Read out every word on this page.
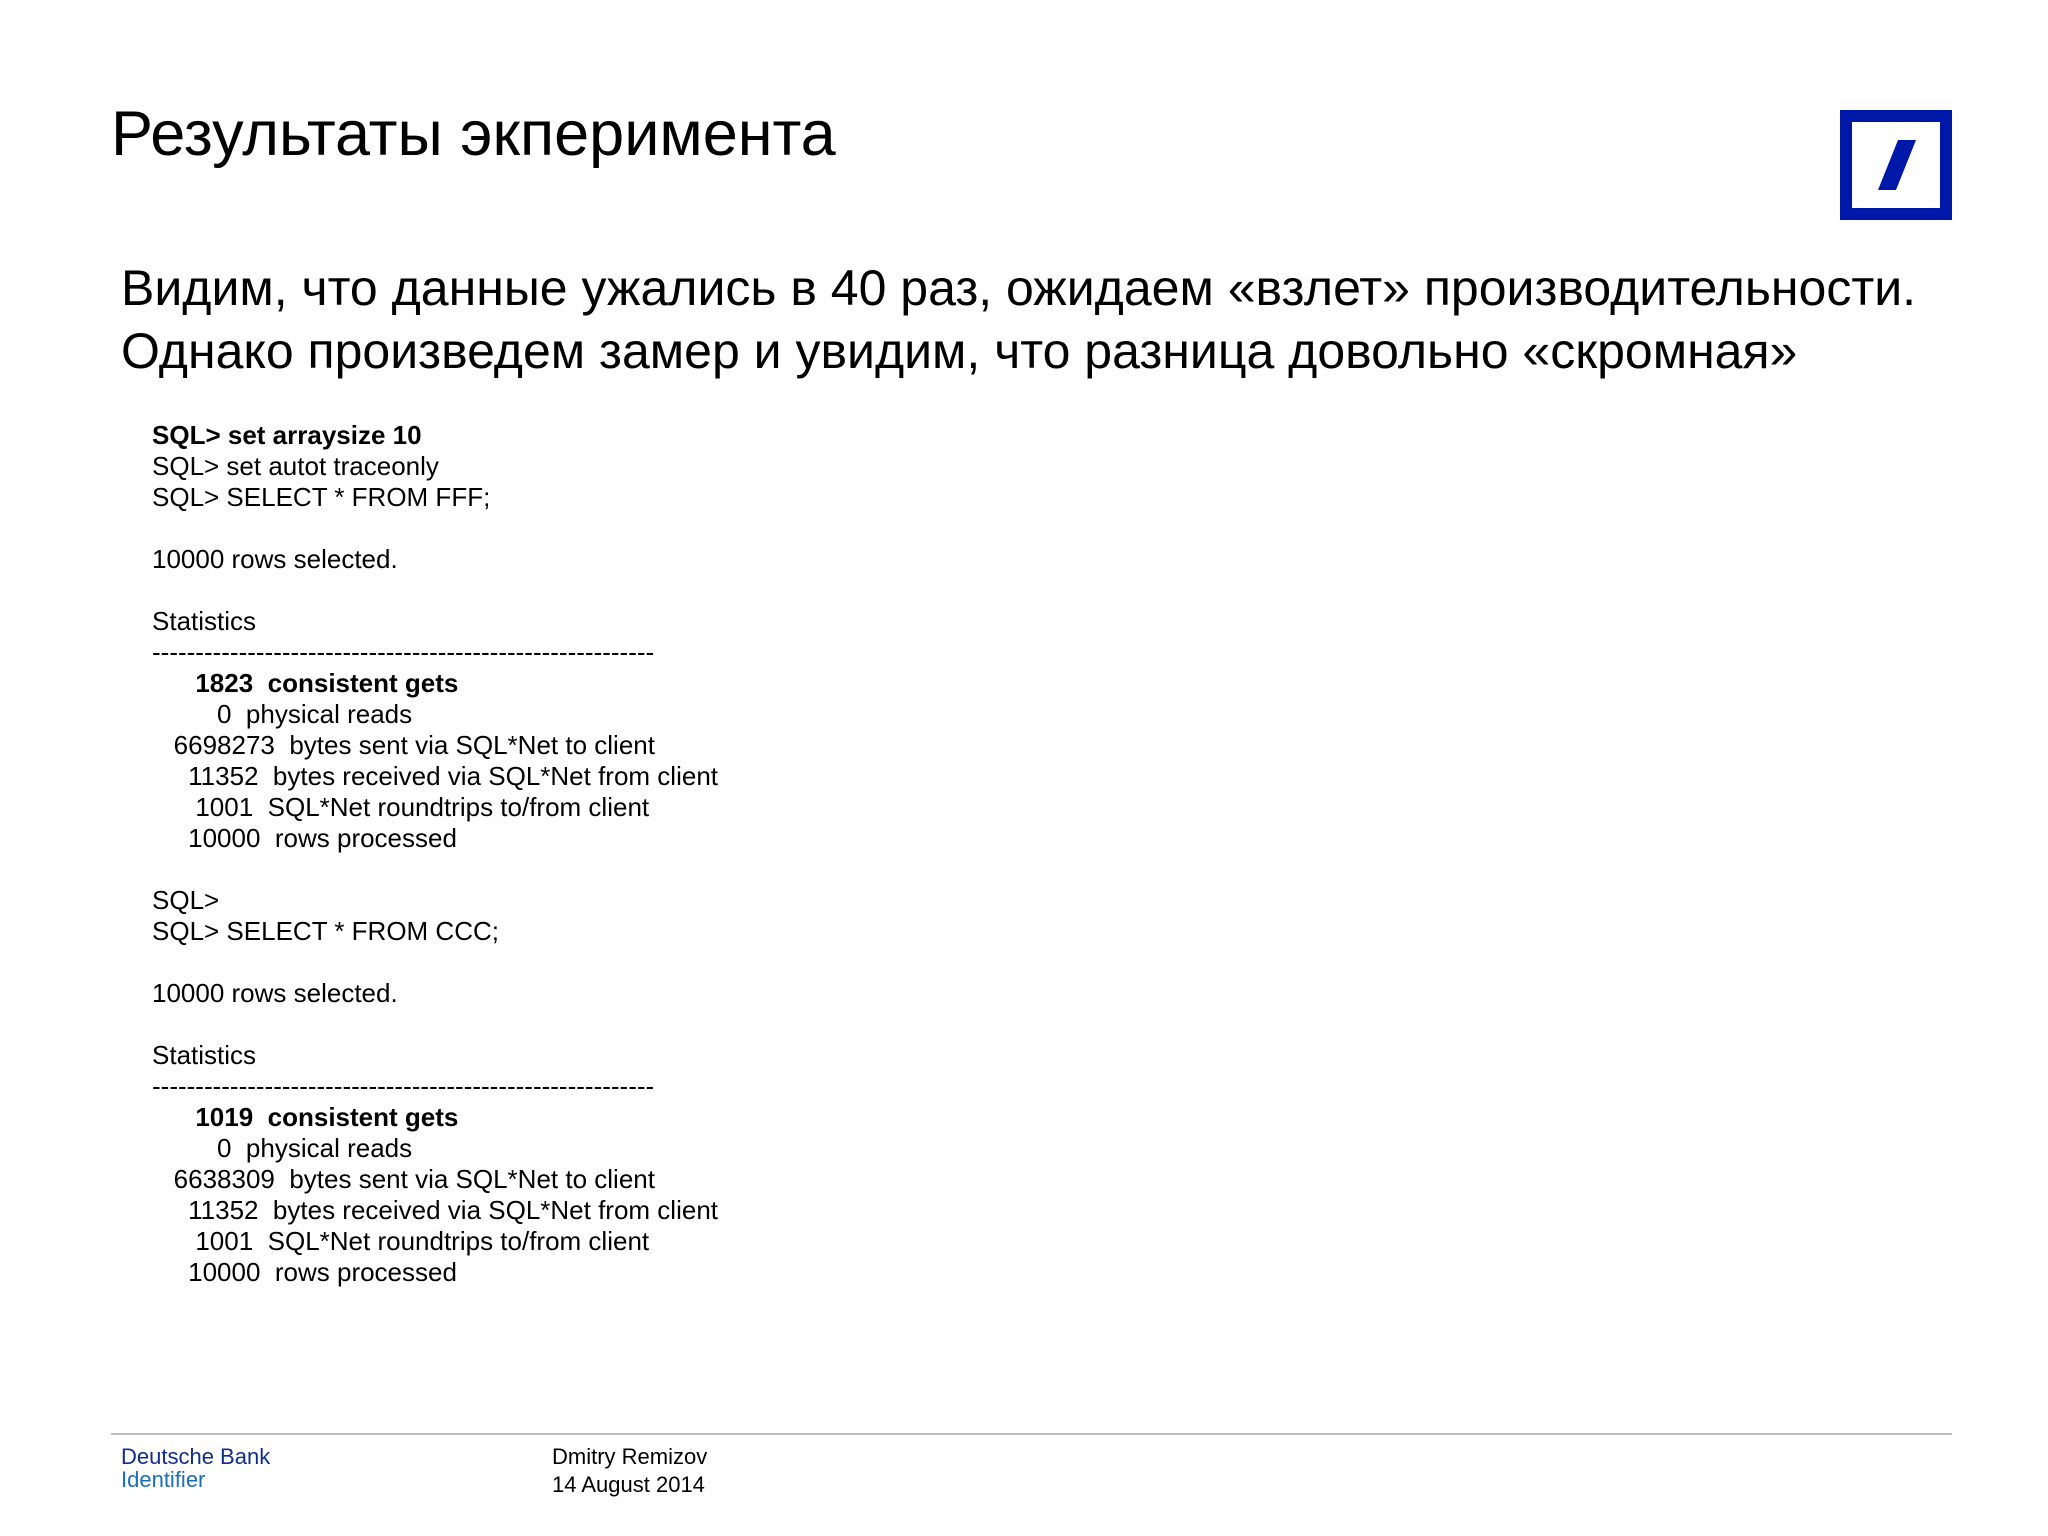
Результаты экперимента
Видим, что данные ужались в 40 раз, ожидаем «взлет» производительности.
Однако произведем замер и увидим, что разница довольно «скромная»
SQL> set arraysize 10
SQL> set autot traceonly
SQL> SELECT * FROM FFF;
10000 rows selected.
Statistics
----------------------------------------------------------
1823  consistent gets
0  physical reads
6698273  bytes sent via SQL*Net to client
11352  bytes received via SQL*Net from client
1001  SQL*Net roundtrips to/from client
10000  rows processed
SQL>
SQL> SELECT * FROM CCC;
10000 rows selected.
Statistics
----------------------------------------------------------
1019  consistent gets
0  physical reads
6638309  bytes sent via SQL*Net to client
11352  bytes received via SQL*Net from client
1001  SQL*Net roundtrips to/from client
10000  rows processed
Deutsche Bank
Identifier
Dmitry Remizov
14 August 2014
